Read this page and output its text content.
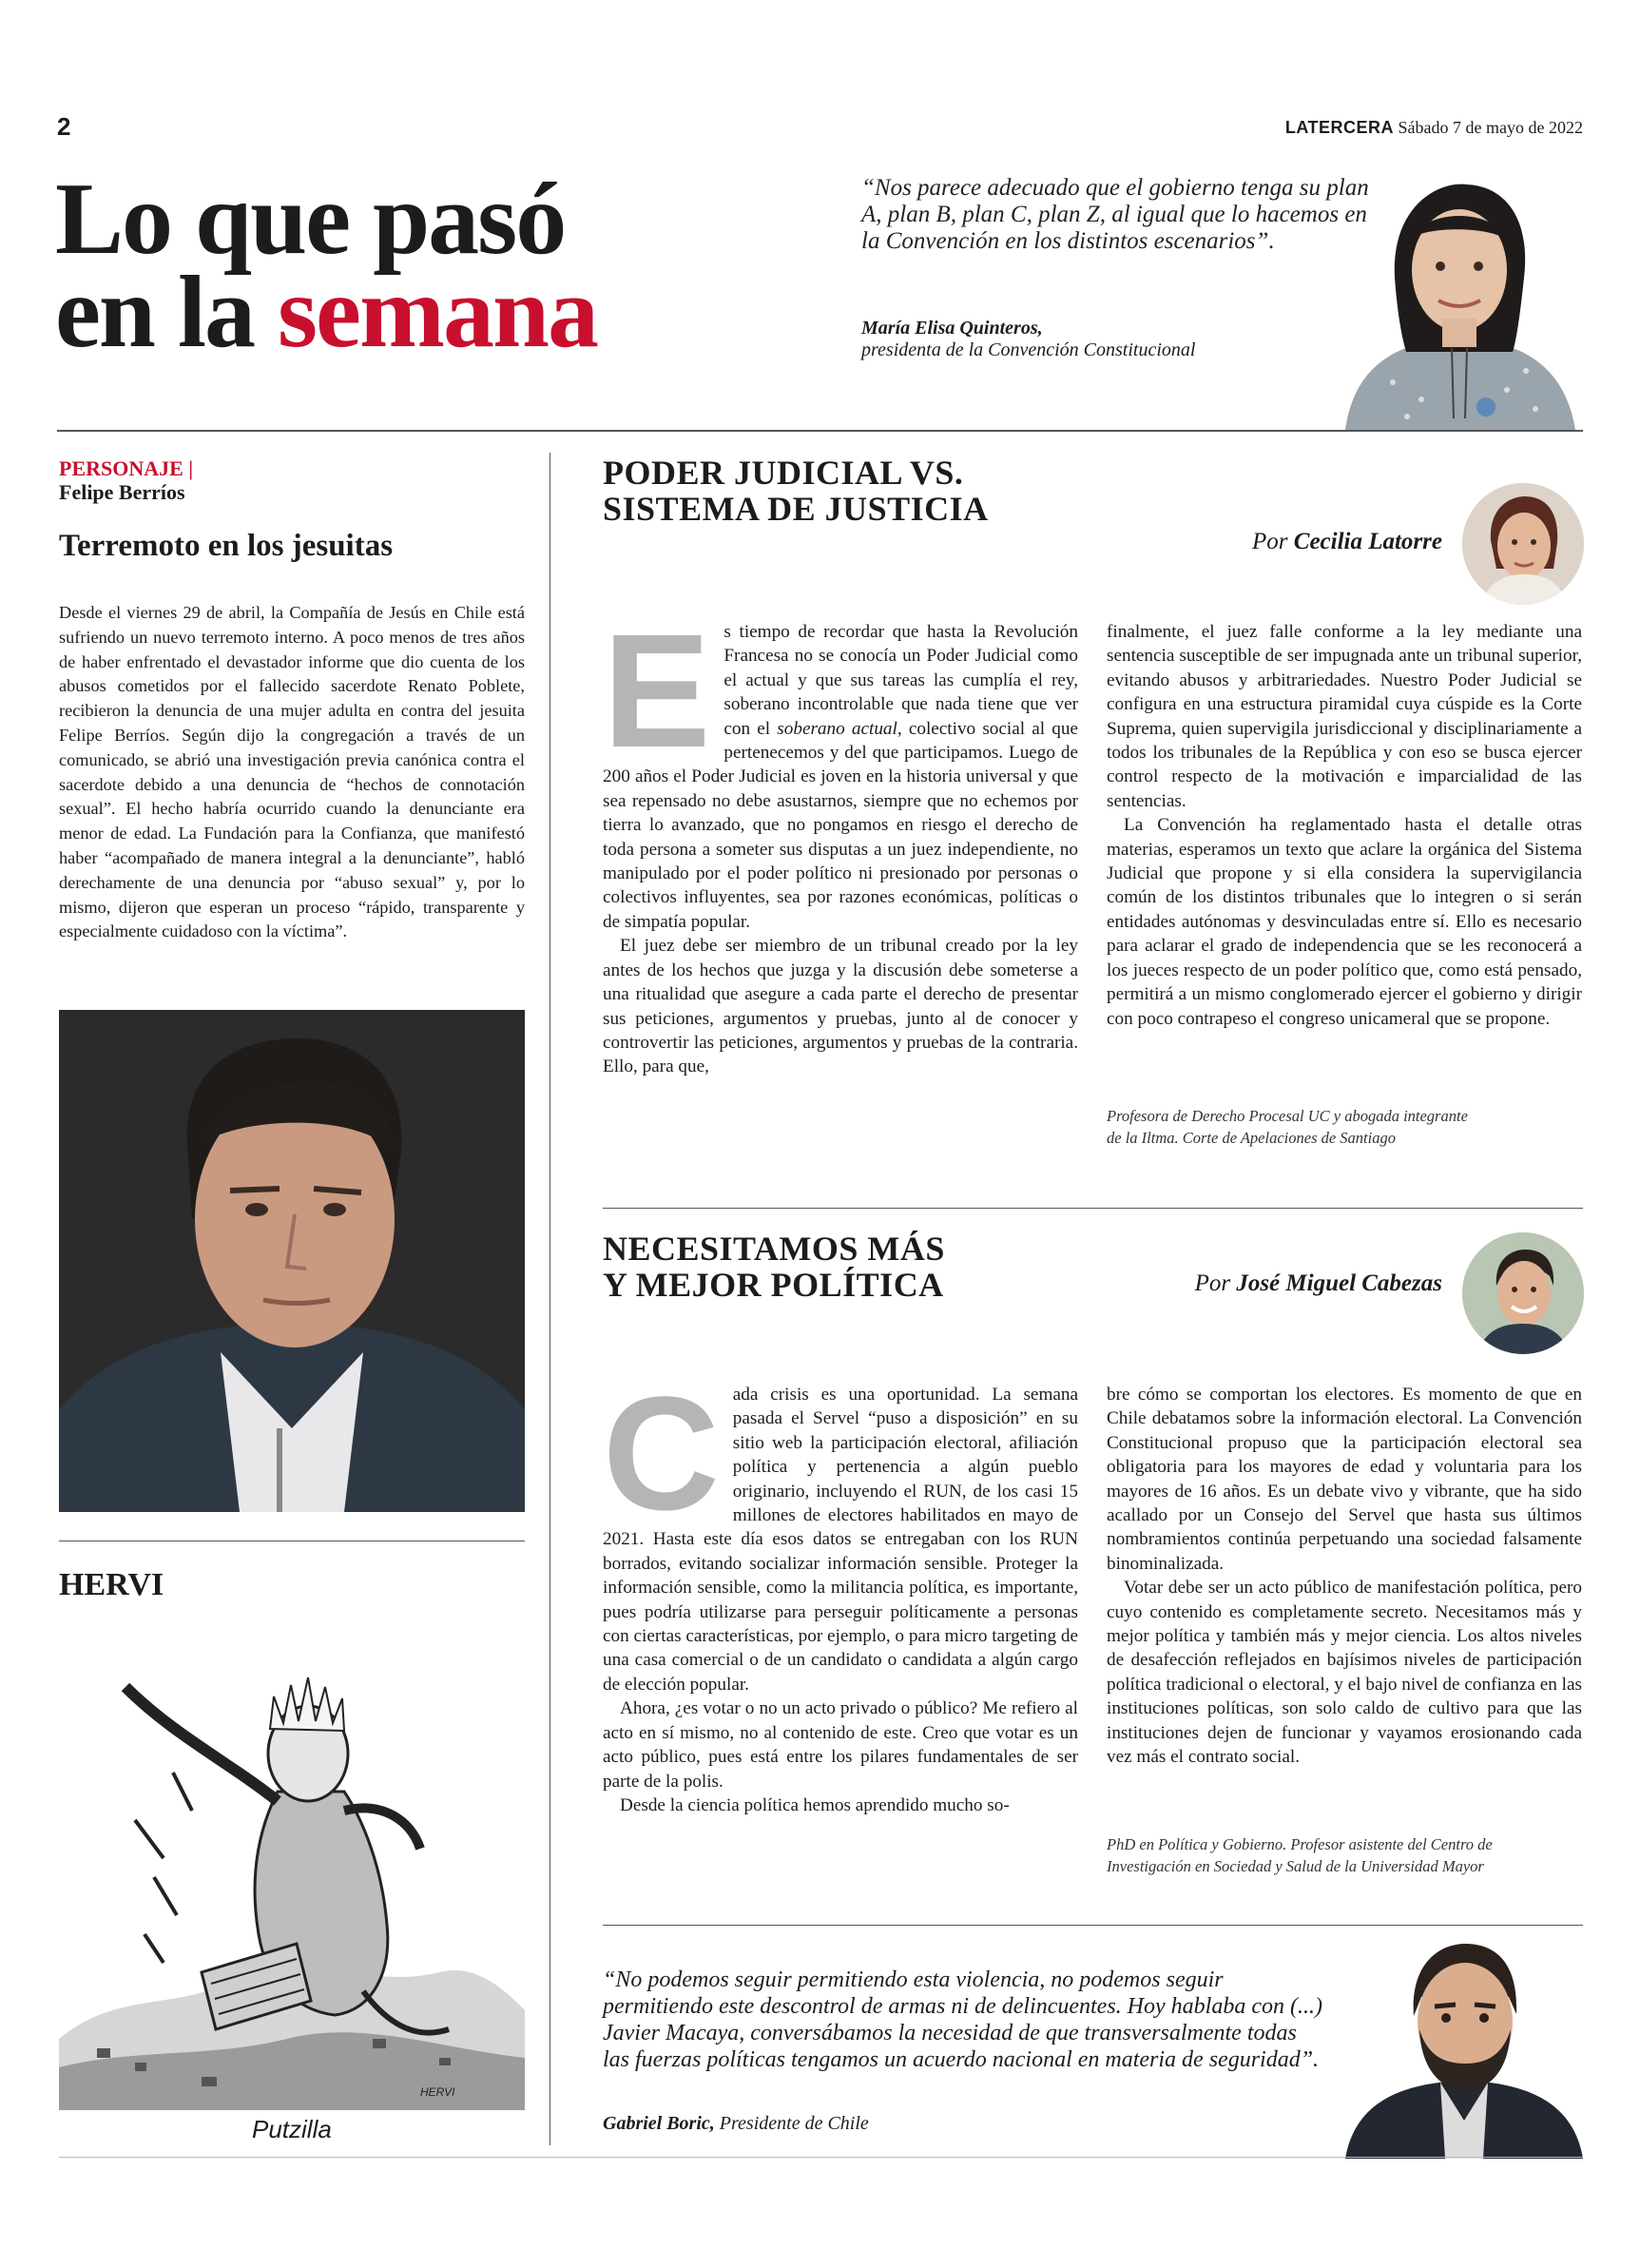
2	LATERCERA Sábado 7 de mayo de 2022
Lo que pasó
en la semana
“Nos parece adecuado que el gobierno tenga su plan A, plan B, plan C, plan Z, al igual que lo hacemos en la Convención en los distintos escenarios”.
María Elisa Quinteros,
presidenta de la Convención Constitucional
PERSONAJE |
Felipe Berríos
Terremoto en los jesuitas
Desde el viernes 29 de abril, la Compañía de Jesús en Chile está sufriendo un nuevo terremoto interno. A poco menos de tres años de haber enfrentado el devastador informe que dio cuenta de los abusos cometidos por el fallecido sacerdote Renato Poblete, recibieron la denuncia de una mujer adulta en contra del jesuita Felipe Berríos. Según dijo la congregación a través de un comunicado, se abrió una investigación previa canónica contra el sacerdote debido a una denuncia de “hechos de connotación sexual”. El hecho habría ocurrido cuando la denunciante era menor de edad. La Fundación para la Confianza, que manifestó haber “acompañado de manera integral a la denunciante”, habló derechamente de una denuncia por “abuso sexual” y, por lo mismo, dijeron que esperan un proceso “rápido, transparente y especialmente cuidadoso con la víctima”.
HERVI
HERVI
Putzilla
PODER JUDICIAL VS.
SISTEMA DE JUSTICIA
Por Cecilia Latorre

Es tiempo de recordar que hasta la Revolución Francesa no se conocía un Poder Judicial como el actual y que sus tareas las cumplía el rey, soberano incontrolable que nada tiene que ver con el soberano actual, colectivo social al que pertenecemos y del que participamos. Luego de 200 años el Poder Judicial es joven en la historia universal y que sea repensado no debe asustarnos, siempre que no echemos por tierra lo avanzado, que no pongamos en riesgo el derecho de toda persona a someter sus disputas a un juez independiente, no manipulado por el poder político ni presionado por personas o colectivos influyentes, sea por razones económicas, políticas o de simpatía popular.

El juez debe ser miembro de un tribunal creado por la ley antes de los hechos que juzga y la discusión debe someterse a una ritualidad que asegure a cada parte el derecho de presentar sus peticiones, argumentos y pruebas, junto al de conocer y controvertir las peticiones, argumentos y pruebas de la contraria. Ello, para que,

finalmente, el juez falle conforme a la ley mediante una sentencia susceptible de ser impugnada ante un tribunal superior, evitando abusos y arbitrariedades. Nuestro Poder Judicial se configura en una estructura piramidal cuya cúspide es la Corte Suprema, quien supervigila jurisdiccional y disciplinariamente a todos los tribunales de la República y con eso se busca ejercer control respecto de la motivación e imparcialidad de las sentencias.

La Convención ha reglamentado hasta el detalle otras materias, esperamos un texto que aclare la orgánica del Sistema Judicial que propone y si ella considera la supervigilancia común de los distintos tribunales que lo integren o si serán entidades autónomas y desvinculadas entre sí. Ello es necesario para aclarar el grado de independencia que se les reconocerá a los jueces respecto de un poder político que, como está pensado, permitirá a un mismo conglomerado ejercer el gobierno y dirigir con poco contrapeso el congreso unicameral que se propone.

Profesora de Derecho Procesal UC y abogada integrante
de la Iltma. Corte de Apelaciones de Santiago
NECESITAMOS MÁS
Y MEJOR POLÍTICA	Por José Miguel Cabezas

Cada crisis es una oportunidad. La semana pasada el Servel “puso a disposición” en su sitio web la participación electoral, afiliación política y pertenencia a algún pueblo originario, incluyendo el RUN, de los casi 15 millones de electores habilitados en mayo de 2021. Hasta este día esos datos se entregaban con los RUN borrados, evitando socializar información sensible. Proteger la información sensible, como la militancia política, es importante, pues podría utilizarse para perseguir políticamente a personas con ciertas características, por ejemplo, o para micro targeting de una casa comercial o de un candidato o candidata a algún cargo de elección popular.

Ahora, ¿es votar o no un acto privado o público? Me refiero al acto en sí mismo, no al contenido de este. Creo que votar es un acto público, pues está entre los pilares fundamentales de ser parte de la polis.

Desde la ciencia política hemos aprendido mucho so-

bre cómo se comportan los electores. Es momento de que en Chile debatamos sobre la información electoral. La Convención Constitucional propuso que la participación electoral sea obligatoria para los mayores de edad y voluntaria para los mayores de 16 años. Es un debate vivo y vibrante, que ha sido acallado por un Consejo del Servel que hasta sus últimos nombramientos continúa perpetuando una sociedad falsamente binominalizada.

Votar debe ser un acto público de manifestación política, pero cuyo contenido es completamente secreto. Necesitamos más y mejor política y también más y mejor ciencia. Los altos niveles de desafección reflejados en bajísimos niveles de participación política tradicional o electoral, y el bajo nivel de confianza en las instituciones políticas, son solo caldo de cultivo para que las instituciones dejen de funcionar y vayamos erosionando cada vez más el contrato social.

PhD en Política y Gobierno. Profesor asistente del Centro de
Investigación en Sociedad y Salud de la Universidad Mayor
“No podemos seguir permitiendo esta violencia, no podemos seguir permitiendo este descontrol de armas ni de delincuentes. Hoy hablaba con (...) Javier Macaya, conversábamos la necesidad de que transversalmente todas las fuerzas políticas tengamos un acuerdo nacional en materia de seguridad”.
Gabriel Boric, Presidente de Chile
